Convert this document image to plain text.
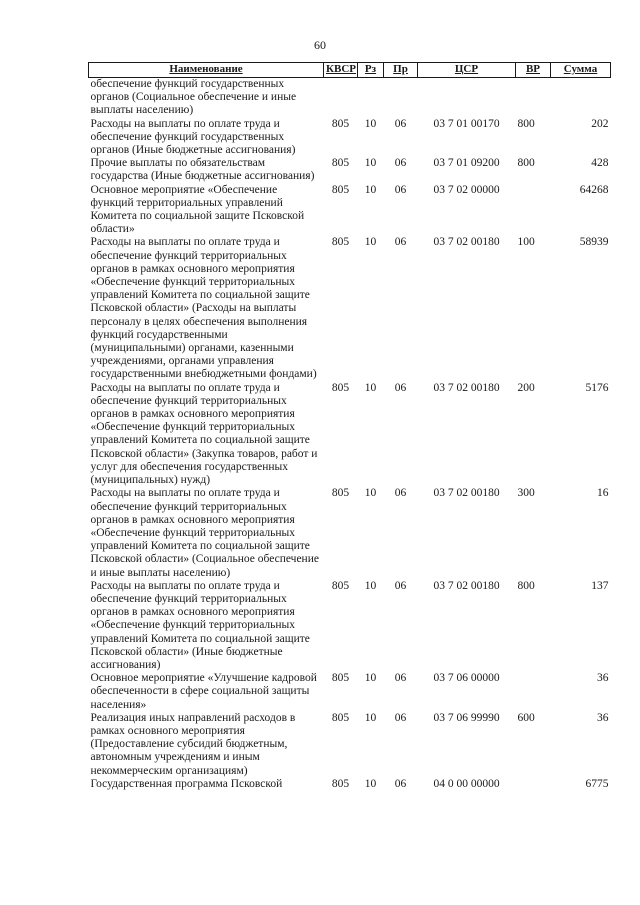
60
Наименование	КВСР	Рз	Пр	ЦСР	ВР	Сумма
обеспечение функций государственных органов (Социальное обеспечение и иные выплаты населению)						
Расходы на выплаты по оплате труда и обеспечение функций государственных органов (Иные бюджетные ассигнования)	805	10	06	03 7 01 00170	800	202
Прочие выплаты по обязательствам государства (Иные бюджетные ассигнования)	805	10	06	03 7 01 09200	800	428
Основное мероприятие «Обеспечение функций территориальных управлений Комитета по социальной защите Псковской области»	805	10	06	03 7 02 00000		64268
Расходы на выплаты по оплате труда и обеспечение функций территориальных органов в рамках основного мероприятия «Обеспечение функций территориальных управлений Комитета по социальной защите Псковской области» (Расходы на выплаты персоналу в целях обеспечения выполнения функций государственными (муниципальными) органами, казенными учреждениями, органами управления государственными внебюджетными фондами)	805	10	06	03 7 02 00180	100	58939
Расходы на выплаты по оплате труда и обеспечение функций территориальных органов в рамках основного мероприятия «Обеспечение функций территориальных управлений Комитета по социальной защите Псковской области» (Закупка товаров, работ и услуг для обеспечения государственных (муниципальных) нужд)	805	10	06	03 7 02 00180	200	5176
Расходы на выплаты по оплате труда и обеспечение функций территориальных органов в рамках основного мероприятия «Обеспечение функций территориальных управлений Комитета по социальной защите Псковской области» (Социальное обеспечение и иные выплаты населению)	805	10	06	03 7 02 00180	300	16
Расходы на выплаты по оплате труда и обеспечение функций территориальных органов в рамках основного мероприятия «Обеспечение функций территориальных управлений Комитета по социальной защите Псковской области» (Иные бюджетные ассигнования)	805	10	06	03 7 02 00180	800	137
Основное мероприятие «Улучшение кадровой обеспеченности в сфере социальной защиты населения»	805	10	06	03 7 06 00000		36
Реализация иных направлений расходов в рамках основного мероприятия (Предоставление субсидий бюджетным, автономным учреждениям и иным некоммерческим организациям)	805	10	06	03 7 06 99990	600	36
Государственная программа Псковской	805	10	06	04 0 00 00000		6775
